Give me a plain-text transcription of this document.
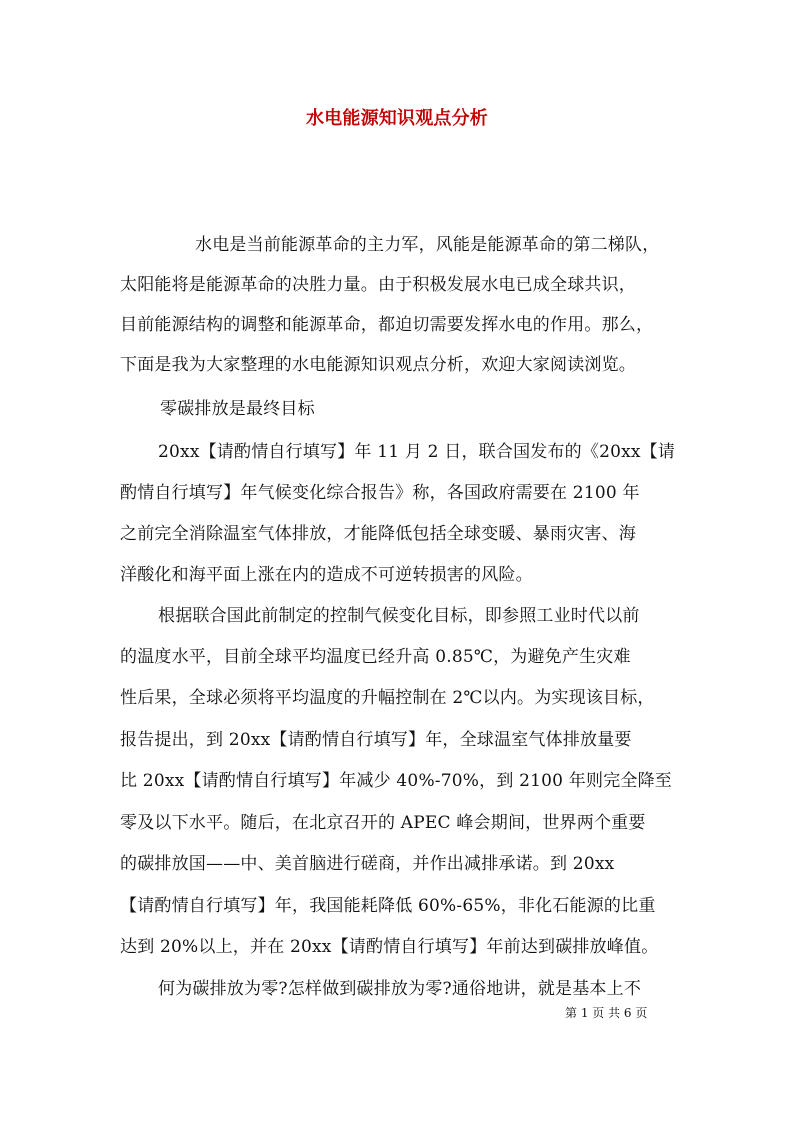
水电能源知识观点分析
水电是当前能源革命的主力军，风能是能源革命的第二梯队，
太阳能将是能源革命的决胜力量。由于积极发展水电已成全球共识，
目前能源结构的调整和能源革命，都迫切需要发挥水电的作用。那么，
下面是我为大家整理的水电能源知识观点分析，欢迎大家阅读浏览。
零碳排放是最终目标
20xx【请酌情自行填写】年 11 月 2 日，联合国发布的《20xx【请
酌情自行填写】年气候变化综合报告》称，各国政府需要在 2100 年
之前完全消除温室气体排放，才能降低包括全球变暖、暴雨灾害、海
洋酸化和海平面上涨在内的造成不可逆转损害的风险。
根据联合国此前制定的控制气候变化目标，即参照工业时代以前
的温度水平，目前全球平均温度已经升高 0.85℃，为避免产生灾难
性后果，全球必须将平均温度的升幅控制在 2℃以内。为实现该目标，
报告提出，到 20xx【请酌情自行填写】年，全球温室气体排放量要
比 20xx【请酌情自行填写】年减少 40%-70%，到 2100 年则完全降至
零及以下水平。随后，在北京召开的 APEC 峰会期间，世界两个重要
的碳排放国——中、美首脑进行磋商，并作出减排承诺。到 20xx
【请酌情自行填写】年，我国能耗降低 60%-65%，非化石能源的比重
达到 20%以上，并在 20xx【请酌情自行填写】年前达到碳排放峰值。
何为碳排放为零?怎样做到碳排放为零?通俗地讲，就是基本上不
第 1 页 共 6 页
